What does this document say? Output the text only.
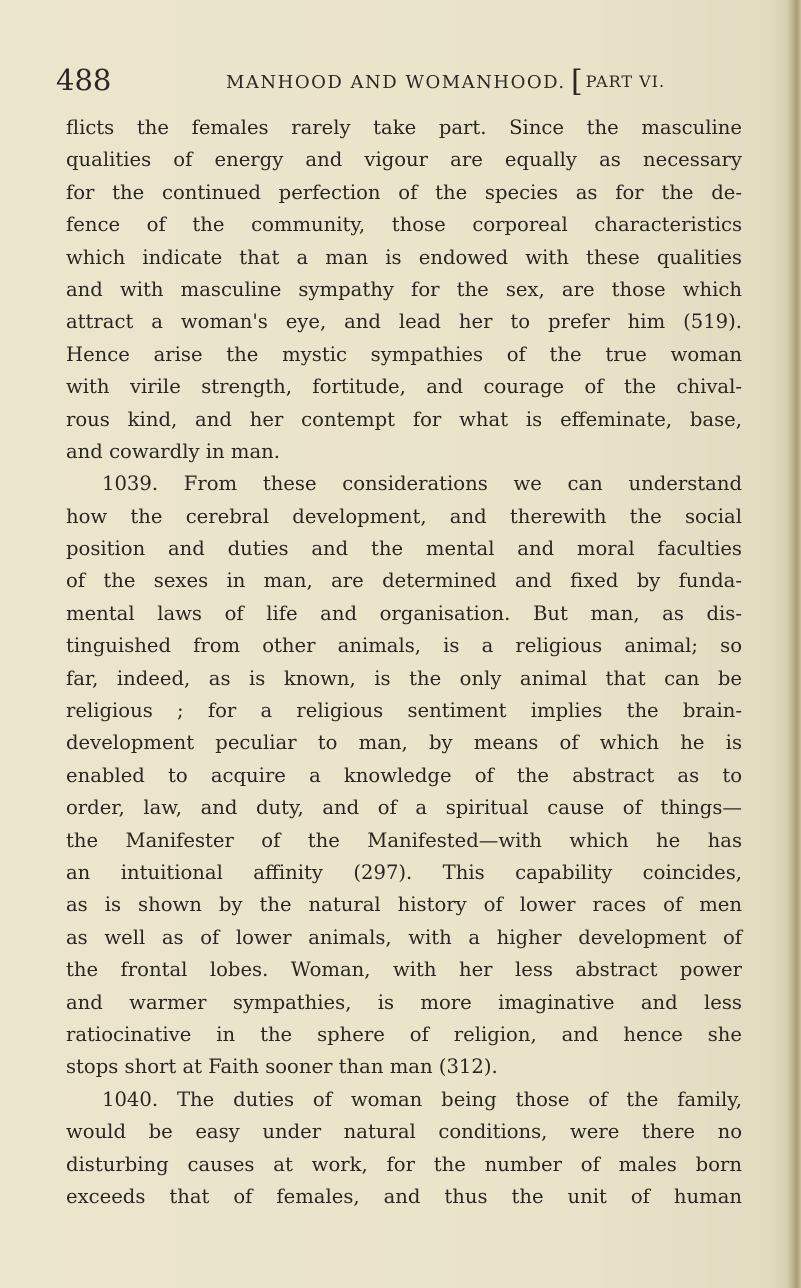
488	MANHOOD AND WOMANHOOD. [ PART VI.
flicts the females rarely take part. Since the masculine
qualities of energy and vigour are equally as necessary
for the continued perfection of the species as for the de-
fence of the community, those corporeal characteristics
which indicate that a man is endowed with these qualities
and with masculine sympathy for the sex, are those which
attract a woman's eye, and lead her to prefer him (519).
Hence arise the mystic sympathies of the true woman
with virile strength, fortitude, and courage of the chival-
rous kind, and her contempt for what is effeminate, base,
and cowardly in man.
1039. From these considerations we can understand
how the cerebral development, and therewith the social
position and duties and the mental and moral faculties
of the sexes in man, are determined and fixed by funda-
mental laws of life and organisation. But man, as dis-
tinguished from other animals, is a religious animal; so
far, indeed, as is known, is the only animal that can be
religious ; for a religious sentiment implies the brain-
development peculiar to man, by means of which he is
enabled to acquire a knowledge of the abstract as to
order, law, and duty, and of a spiritual cause of things—
the Manifester of the Manifested—with which he has
an intuitional affinity (297). This capability coincides,
as is shown by the natural history of lower races of men
as well as of lower animals, with a higher development of
the frontal lobes. Woman, with her less abstract power
and warmer sympathies, is more imaginative and less
ratiocinative in the sphere of religion, and hence she
stops short at Faith sooner than man (312).
1040. The duties of woman being those of the family,
would be easy under natural conditions, were there no
disturbing causes at work, for the number of males born
exceeds that of females, and thus the unit of human
